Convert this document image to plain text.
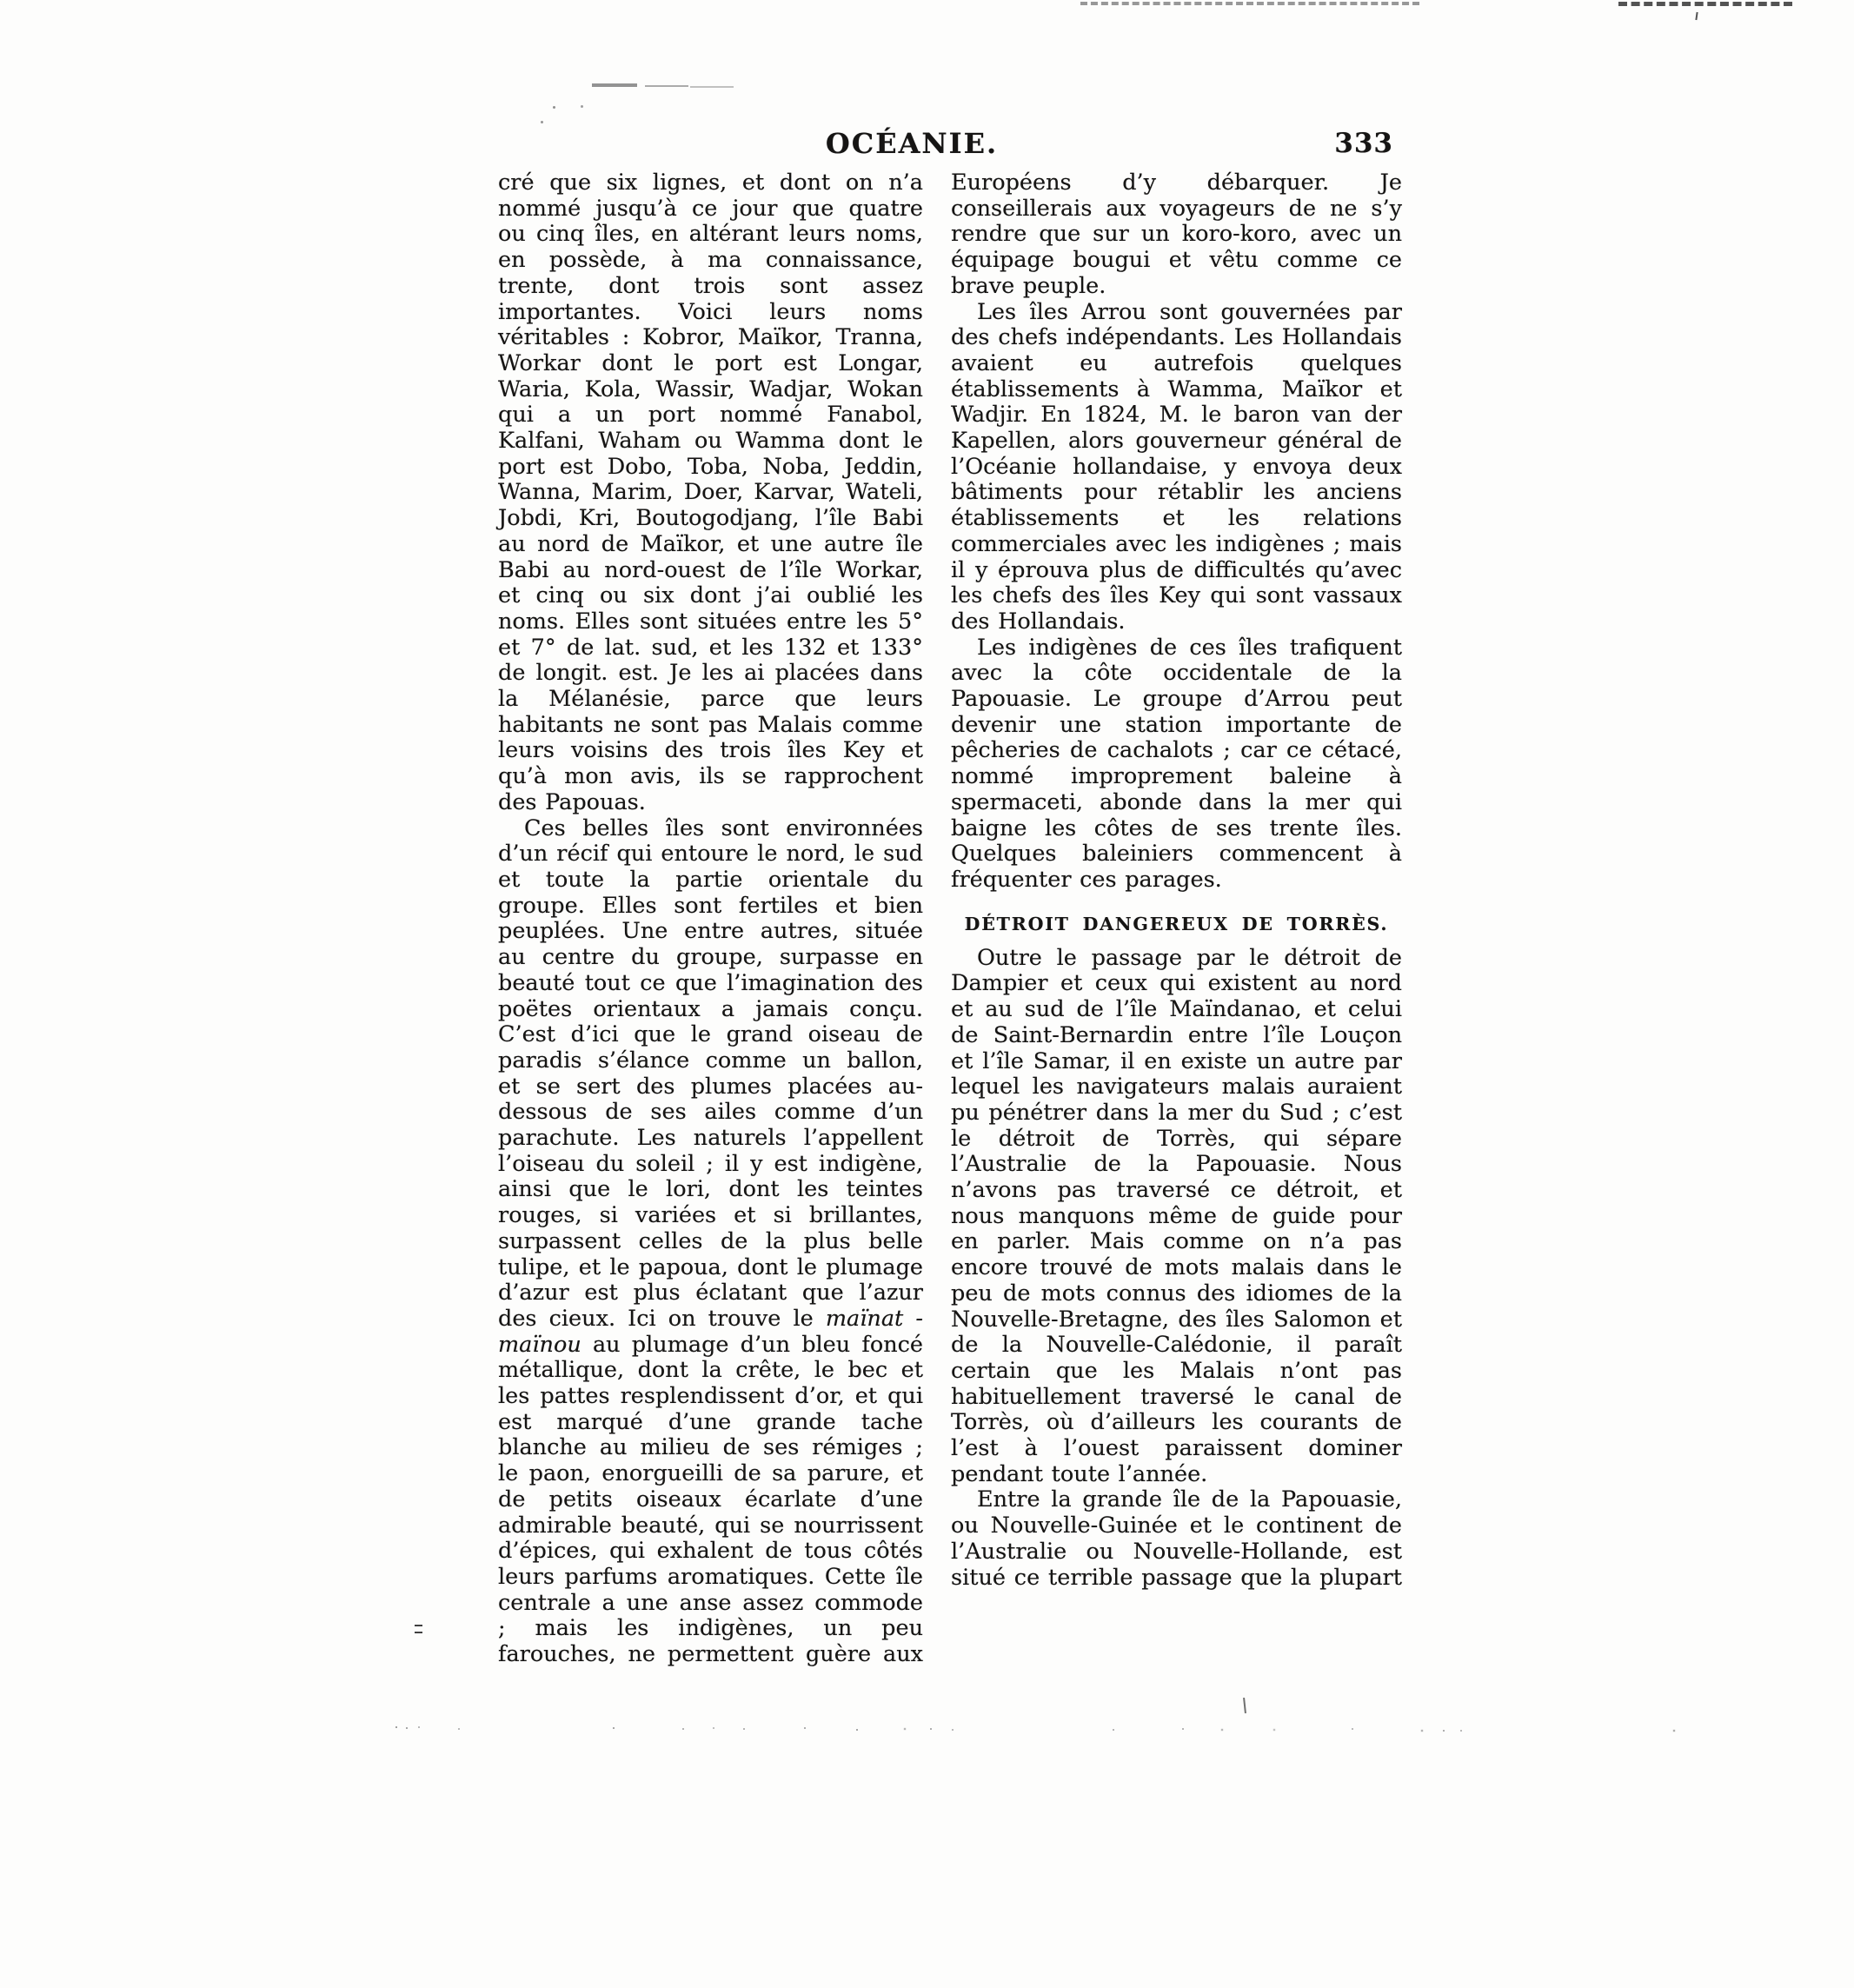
OCÉANIE.	333

cré que six lignes, et dont on n’a nommé jusqu’à ce jour que quatre ou cinq îles, en altérant leurs noms, en possède, à ma connaissance, trente, dont trois sont assez importantes. Voici leurs noms véritables : Kobror, Maïkor, Tranna, Workar dont le port est Longar, Waria, Kola, Wassir, Wadjar, Wokan qui a un port nommé Fanabol, Kalfani, Waham ou Wamma dont le port est Dobo, Toba, Noba, Jeddin, Wanna, Marim, Doer, Karvar, Wateli, Jobdi, Kri, Boutogodjang, l’île Babi au nord de Maïkor, et une autre île Babi au nord-ouest de l’île Workar, et cinq ou six dont j’ai oublié les noms. Elles sont situées entre les 5° et 7° de lat. sud, et les 132 et 133° de longit. est. Je les ai placées dans la Mélanésie, parce que leurs habitants ne sont pas Malais comme leurs voisins des trois îles Key et qu’à mon avis, ils se rapprochent des Papouas.

Ces belles îles sont environnées d’un récif qui entoure le nord, le sud et toute la partie orientale du groupe. Elles sont fertiles et bien peuplées. Une entre autres, située au centre du groupe, surpasse en beauté tout ce que l’imagination des poëtes orientaux a jamais conçu. C’est d’ici que le grand oiseau de paradis s’élance comme un ballon, et se sert des plumes placées au-dessous de ses ailes comme d’un parachute. Les naturels l’appellent l’oiseau du soleil ; il y est indigène, ainsi que le lori, dont les teintes rouges, si variées et si brillantes, surpassent celles de la plus belle tulipe, et le papoua, dont le plumage d’azur est plus éclatant que l’azur des cieux. Ici on trouve le maïnat - maïnou au plumage d’un bleu foncé métallique, dont la crête, le bec et les pattes resplendissent d’or, et qui est marqué d’une grande tache blanche au milieu de ses rémiges ; le paon, enorgueilli de sa parure, et de petits oiseaux écarlate d’une admirable beauté, qui se nourrissent d’épices, qui exhalent de tous côtés leurs parfums aromatiques. Cette île centrale a une anse assez commode ; mais les indigènes, un peu farouches, ne permettent guère aux

Européens d’y débarquer. Je conseillerais aux voyageurs de ne s’y rendre que sur un koro-koro, avec un équipage bougui et vêtu comme ce brave peuple.

Les îles Arrou sont gouvernées par des chefs indépendants. Les Hollandais avaient eu autrefois quelques établissements à Wamma, Maïkor et Wadjir. En 1824, M. le baron van der Kapellen, alors gouverneur général de l’Océanie hollandaise, y envoya deux bâtiments pour rétablir les anciens établissements et les relations commerciales avec les indigènes ; mais il y éprouva plus de difficultés qu’avec les chefs des îles Key qui sont vassaux des Hollandais.

Les indigènes de ces îles trafiquent avec la côte occidentale de la Papouasie. Le groupe d’Arrou peut devenir une station importante de pêcheries de cachalots ; car ce cétacé, nommé improprement baleine à spermaceti, abonde dans la mer qui baigne les côtes de ses trente îles. Quelques baleiniers commencent à fréquenter ces parages.

DÉTROIT DANGEREUX DE TORRÈS.

Outre le passage par le détroit de Dampier et ceux qui existent au nord et au sud de l’île Maïndanao, et celui de Saint-Bernardin entre l’île Louçon et l’île Samar, il en existe un autre par lequel les navigateurs malais auraient pu pénétrer dans la mer du Sud ; c’est le détroit de Torrès, qui sépare l’Australie de la Papouasie. Nous n’avons pas traversé ce détroit, et nous manquons même de guide pour en parler. Mais comme on n’a pas encore trouvé de mots malais dans le peu de mots connus des idiomes de la Nouvelle-Bretagne, des îles Salomon et de la Nouvelle-Calédonie, il paraît certain que les Malais n’ont pas habituellement traversé le canal de Torrès, où d’ailleurs les courants de l’est à l’ouest paraissent dominer pendant toute l’année.

Entre la grande île de la Papouasie, ou Nouvelle-Guinée et le continent de l’Australie ou Nouvelle-Hollande, est situé ce terrible passage que la plupart
